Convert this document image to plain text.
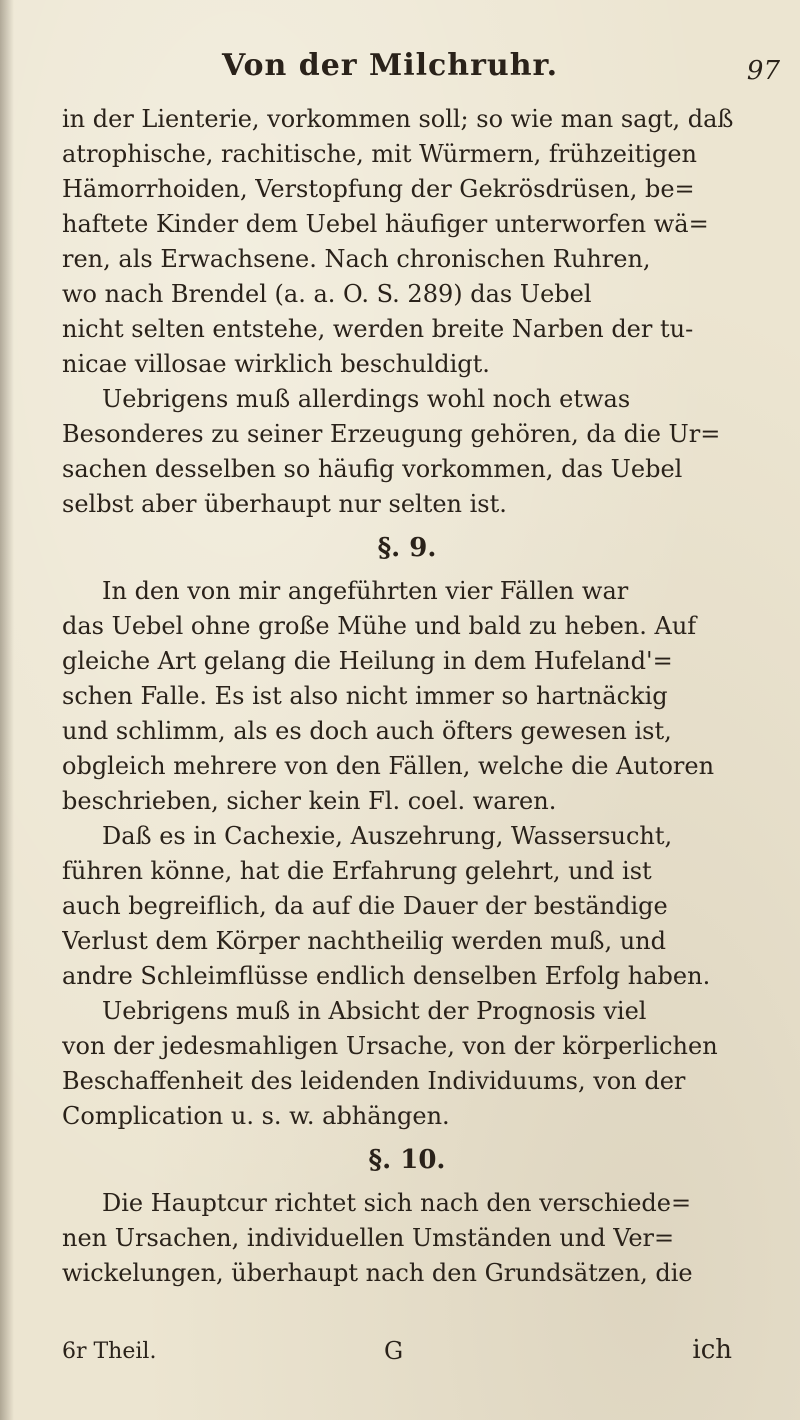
Von der Milchruhr.	97
in der Lienterie, vorkommen soll; so wie man sagt, daß
atrophische, rachitische, mit Würmern, frühzeitigen
Hämorrhoiden, Verstopfung der Gekrösdrüsen, be=
haftete Kinder dem Uebel häufiger unterworfen wä=
ren, als Erwachsene. Nach chronischen Ruhren,
wo nach Brendel (a. a. O. S. 289) das Uebel
nicht selten entstehe, werden breite Narben der tu-
nicae villosae wirklich beschuldigt.
Uebrigens muß allerdings wohl noch etwas
Besonderes zu seiner Erzeugung gehören, da die Ur=
sachen desselben so häufig vorkommen, das Uebel
selbst aber überhaupt nur selten ist.
§. 9.
In den von mir angeführten vier Fällen war
das Uebel ohne große Mühe und bald zu heben. Auf
gleiche Art gelang die Heilung in dem Hufeland'=
schen Falle. Es ist also nicht immer so hartnäckig
und schlimm, als es doch auch öfters gewesen ist,
obgleich mehrere von den Fällen, welche die Autoren
beschrieben, sicher kein Fl. coel. waren.
Daß es in Cachexie, Auszehrung, Wassersucht,
führen könne, hat die Erfahrung gelehrt, und ist
auch begreiflich, da auf die Dauer der beständige
Verlust dem Körper nachtheilig werden muß, und
andre Schleimflüsse endlich denselben Erfolg haben.
Uebrigens muß in Absicht der Prognosis viel
von der jedesmahligen Ursache, von der körperlichen
Beschaffenheit des leidenden Individuums, von der
Complication u. s. w. abhängen.
§. 10.
Die Hauptcur richtet sich nach den verschiede=
nen Ursachen, individuellen Umständen und Ver=
wickelungen, überhaupt nach den Grundsätzen, die
6r Theil.	G	ich
